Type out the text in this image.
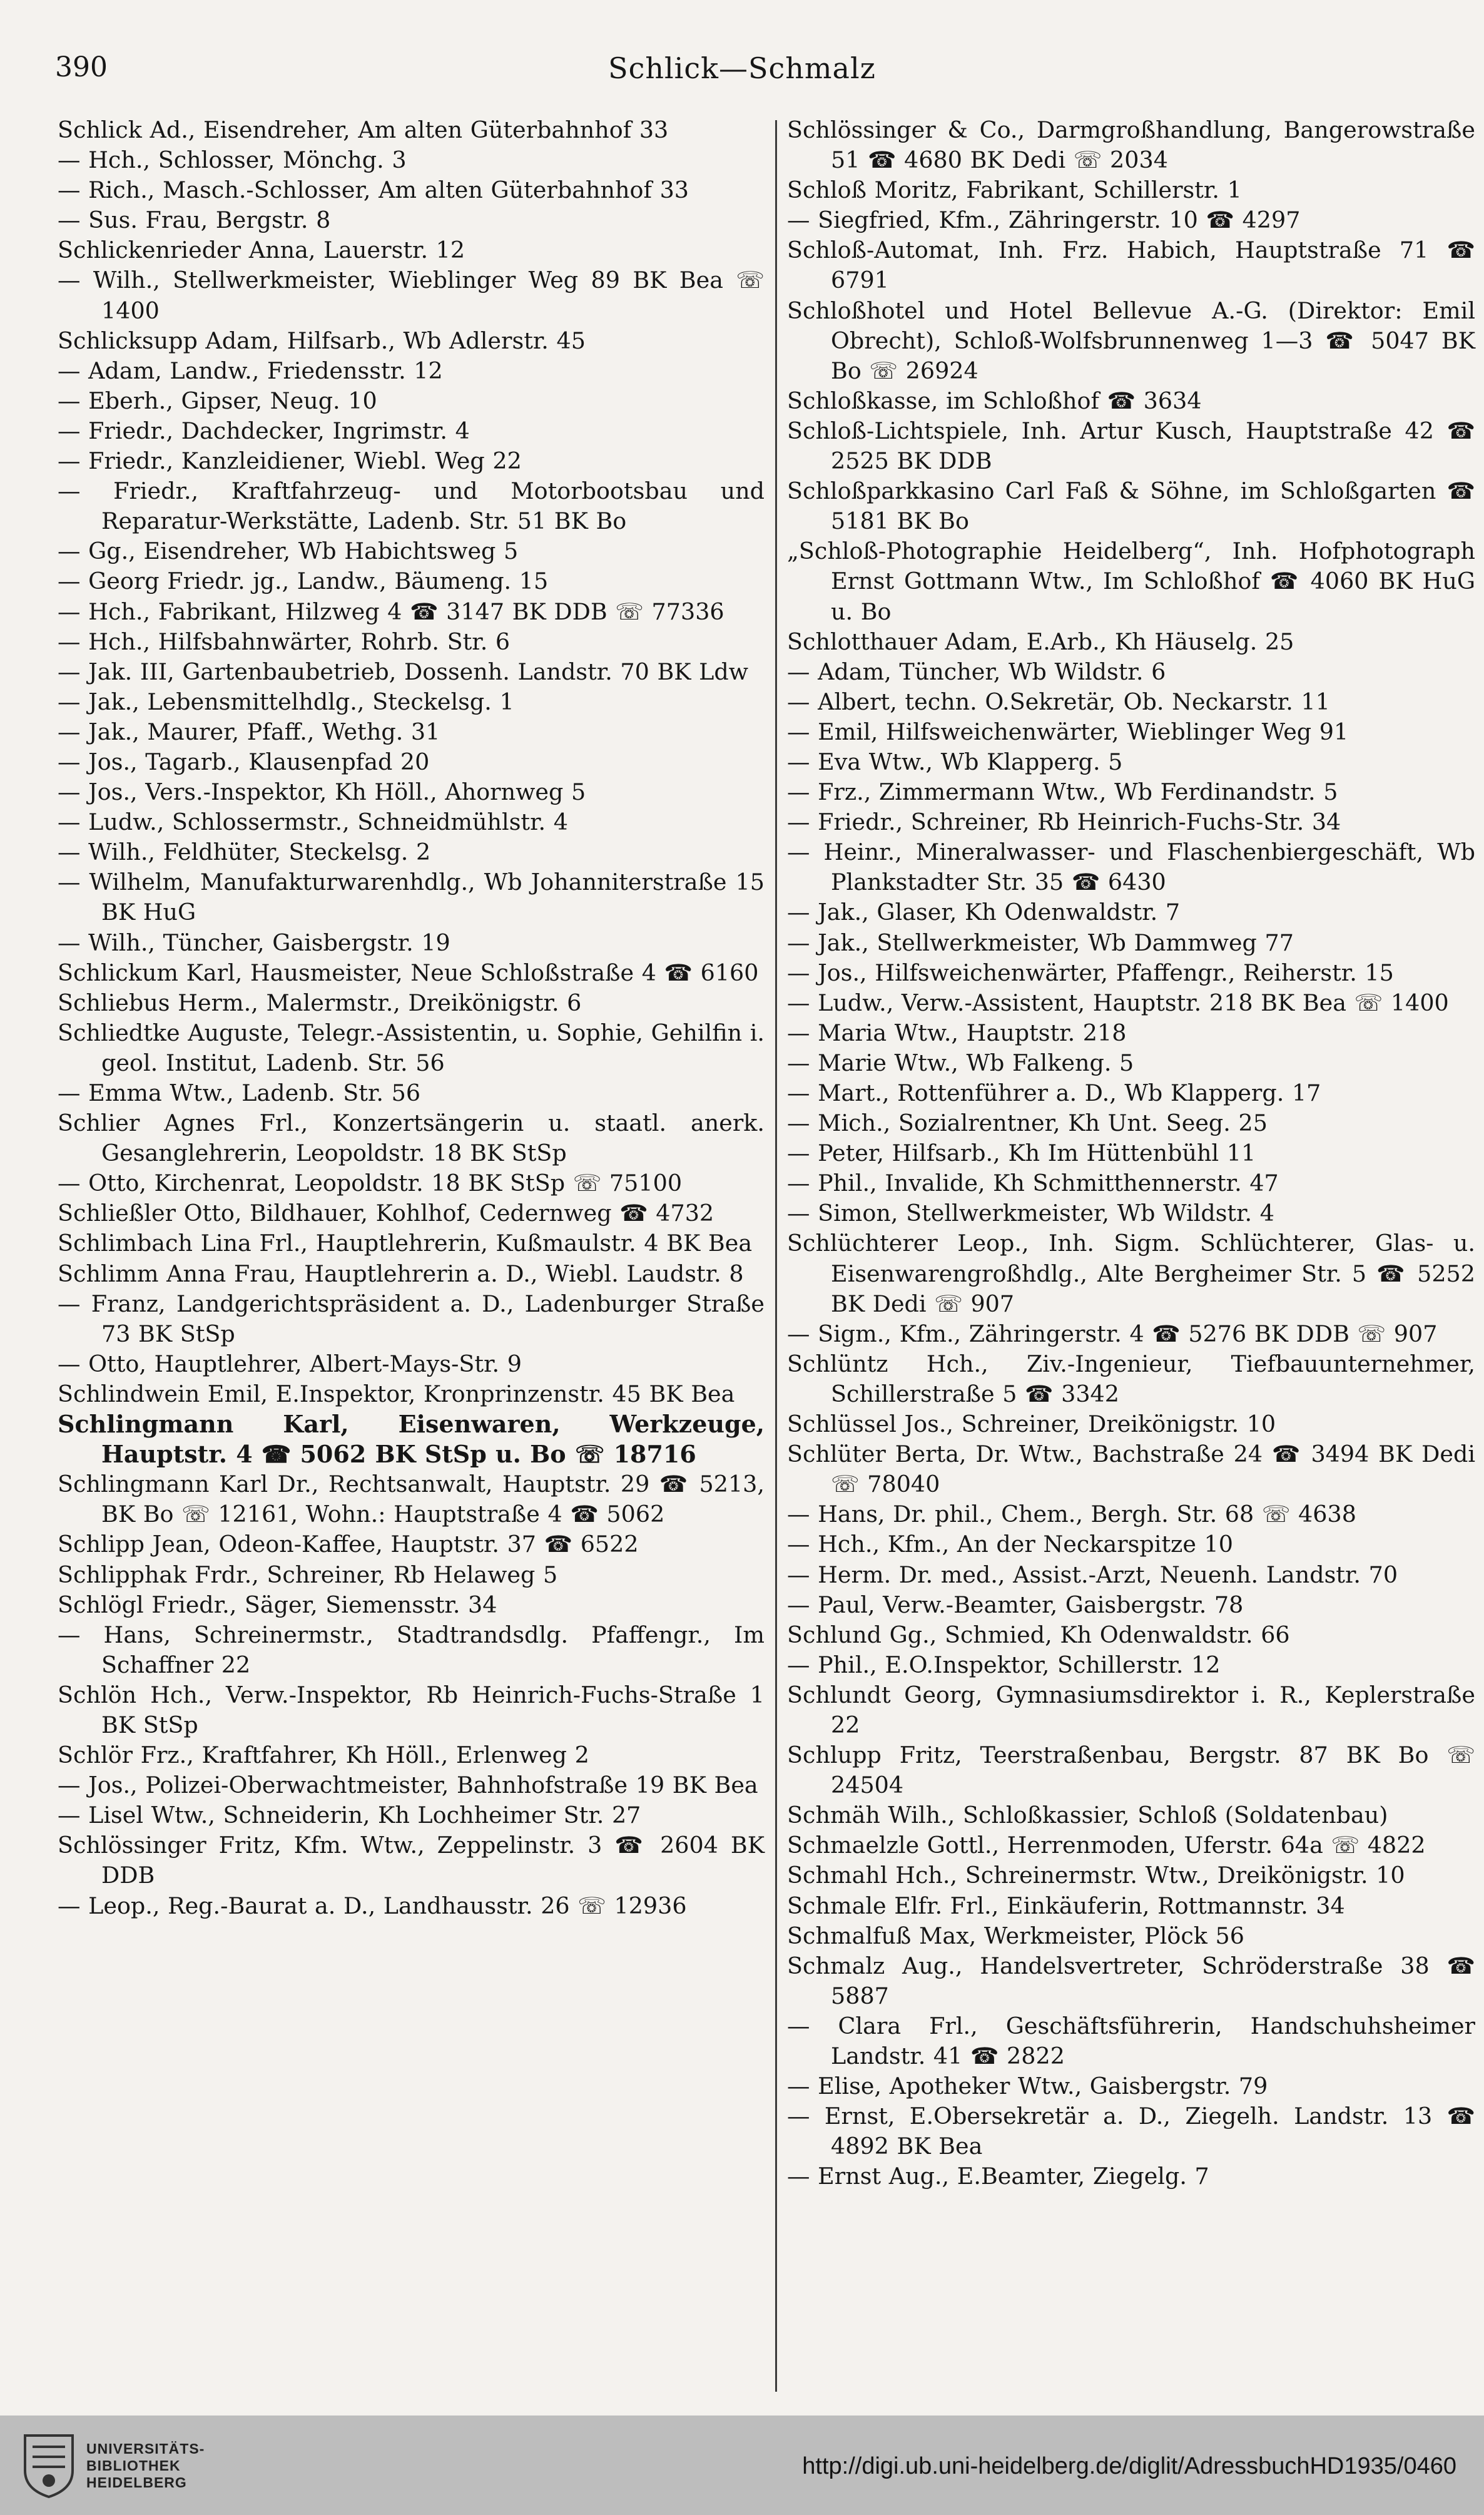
390	Schlick—Schmalz
Schlick Ad., Eisendreher, Am alten Güterbahnhof 33
— Hch., Schlosser, Mönchg. 3
— Rich., Masch.-Schlosser, Am alten Güterbahnhof 33
— Sus. Frau, Bergstr. 8
Schlickenrieder Anna, Lauerstr. 12
— Wilh., Stellwerkmeister, Wieblinger Weg 89 BK Bea ☏ 1400
Schlicksupp Adam, Hilfsarb., Wb Adlerstr. 45
— Adam, Landw., Friedensstr. 12
— Eberh., Gipser, Neug. 10
— Friedr., Dachdecker, Ingrimstr. 4
— Friedr., Kanzleidiener, Wiebl. Weg 22
— Friedr., Kraftfahrzeug- und Motorbootsbau und Reparatur-Werkstätte, Ladenb. Str. 51 BK Bo
— Gg., Eisendreher, Wb Habichtsweg 5
— Georg Friedr. jg., Landw., Bäumeng. 15
— Hch., Fabrikant, Hilzweg 4 ☎ 3147 BK DDB ☏ 77336
— Hch., Hilfsbahnwärter, Rohrb. Str. 6
— Jak. III, Gartenbaubetrieb, Dossenh. Landstr. 70 BK Ldw
— Jak., Lebensmittelhdlg., Steckelsg. 1
— Jak., Maurer, Pfaff., Wethg. 31
— Jos., Tagarb., Klausenpfad 20
— Jos., Vers.-Inspektor, Kh Höll., Ahornweg 5
— Ludw., Schlossermstr., Schneidmühlstr. 4
— Wilh., Feldhüter, Steckelsg. 2
— Wilhelm, Manufakturwarenhdlg., Wb Johanniterstraße 15 BK HuG
— Wilh., Tüncher, Gaisbergstr. 19
Schlickum Karl, Hausmeister, Neue Schloßstraße 4 ☎ 6160
Schliebus Herm., Malermstr., Dreikönigstr. 6
Schliedtke Auguste, Telegr.-Assistentin, u. Sophie, Gehilfin i. geol. Institut, Ladenb. Str. 56
— Emma Wtw., Ladenb. Str. 56
Schlier Agnes Frl., Konzertsängerin u. staatl. anerk. Gesanglehrerin, Leopoldstr. 18 BK StSp
— Otto, Kirchenrat, Leopoldstr. 18 BK StSp ☏ 75100
Schließler Otto, Bildhauer, Kohlhof, Cedernweg ☎ 4732
Schlimbach Lina Frl., Hauptlehrerin, Kußmaulstr. 4 BK Bea
Schlimm Anna Frau, Hauptlehrerin a. D., Wiebl. Laudstr. 8
— Franz, Landgerichtspräsident a. D., Ladenburger Straße 73 BK StSp
— Otto, Hauptlehrer, Albert-Mays-Str. 9
Schlindwein Emil, E.Inspektor, Kronprinzenstr. 45 BK Bea
Schlingmann Karl, Eisenwaren, Werkzeuge, Hauptstr. 4 ☎ 5062 BK StSp u. Bo ☏ 18716
Schlingmann Karl Dr., Rechtsanwalt, Hauptstr. 29 ☎ 5213, BK Bo ☏ 12161, Wohn.: Hauptstraße 4 ☎ 5062
Schlipp Jean, Odeon-Kaffee, Hauptstr. 37 ☎ 6522
Schlipphak Frdr., Schreiner, Rb Helaweg 5
Schlögl Friedr., Säger, Siemensstr. 34
— Hans, Schreinermstr., Stadtrandsdlg. Pfaffengr., Im Schaffner 22
Schlön Hch., Verw.-Inspektor, Rb Heinrich-Fuchs-Straße 1 BK StSp
Schlör Frz., Kraftfahrer, Kh Höll., Erlenweg 2
— Jos., Polizei-Oberwachtmeister, Bahnhofstraße 19 BK Bea
— Lisel Wtw., Schneiderin, Kh Lochheimer Str. 27
Schlössinger Fritz, Kfm. Wtw., Zeppelinstr. 3 ☎ 2604 BK DDB
— Leop., Reg.-Baurat a. D., Landhausstr. 26 ☏ 12936
Schlössinger & Co., Darmgroßhandlung, Bangerowstraße 51 ☎ 4680 BK Dedi ☏ 2034
Schloß Moritz, Fabrikant, Schillerstr. 1
— Siegfried, Kfm., Zähringerstr. 10 ☎ 4297
Schloß-Automat, Inh. Frz. Habich, Hauptstraße 71 ☎ 6791
Schloßhotel und Hotel Bellevue A.-G. (Direktor: Emil Obrecht), Schloß-Wolfsbrunnenweg 1—3 ☎ 5047 BK Bo ☏ 26924
Schloßkasse, im Schloßhof ☎ 3634
Schloß-Lichtspiele, Inh. Artur Kusch, Hauptstraße 42 ☎ 2525 BK DDB
Schloßparkkasino Carl Faß & Söhne, im Schloßgarten ☎ 5181 BK Bo
„Schloß-Photographie Heidelberg“, Inh. Hofphotograph Ernst Gottmann Wtw., Im Schloßhof ☎ 4060 BK HuG u. Bo
Schlotthauer Adam, E.Arb., Kh Häuselg. 25
— Adam, Tüncher, Wb Wildstr. 6
— Albert, techn. O.Sekretär, Ob. Neckarstr. 11
— Emil, Hilfsweichenwärter, Wieblinger Weg 91
— Eva Wtw., Wb Klapperg. 5
— Frz., Zimmermann Wtw., Wb Ferdinandstr. 5
— Friedr., Schreiner, Rb Heinrich-Fuchs-Str. 34
— Heinr., Mineralwasser- und Flaschenbiergeschäft, Wb Plankstadter Str. 35 ☎ 6430
— Jak., Glaser, Kh Odenwaldstr. 7
— Jak., Stellwerkmeister, Wb Dammweg 77
— Jos., Hilfsweichenwärter, Pfaffengr., Reiherstr. 15
— Ludw., Verw.-Assistent, Hauptstr. 218 BK Bea ☏ 1400
— Maria Wtw., Hauptstr. 218
— Marie Wtw., Wb Falkeng. 5
— Mart., Rottenführer a. D., Wb Klapperg. 17
— Mich., Sozialrentner, Kh Unt. Seeg. 25
— Peter, Hilfsarb., Kh Im Hüttenbühl 11
— Phil., Invalide, Kh Schmitthennerstr. 47
— Simon, Stellwerkmeister, Wb Wildstr. 4
Schlüchterer Leop., Inh. Sigm. Schlüchterer, Glas- u. Eisenwarengroßhdlg., Alte Bergheimer Str. 5 ☎ 5252 BK Dedi ☏ 907
— Sigm., Kfm., Zähringerstr. 4 ☎ 5276 BK DDB ☏ 907
Schlüntz Hch., Ziv.-Ingenieur, Tiefbauunternehmer, Schillerstraße 5 ☎ 3342
Schlüssel Jos., Schreiner, Dreikönigstr. 10
Schlüter Berta, Dr. Wtw., Bachstraße 24 ☎ 3494 BK Dedi ☏ 78040
— Hans, Dr. phil., Chem., Bergh. Str. 68 ☏ 4638
— Hch., Kfm., An der Neckarspitze 10
— Herm. Dr. med., Assist.-Arzt, Neuenh. Landstr. 70
— Paul, Verw.-Beamter, Gaisbergstr. 78
Schlund Gg., Schmied, Kh Odenwaldstr. 66
— Phil., E.O.Inspektor, Schillerstr. 12
Schlundt Georg, Gymnasiumsdirektor i. R., Keplerstraße 22
Schlupp Fritz, Teerstraßenbau, Bergstr. 87 BK Bo ☏ 24504
Schmäh Wilh., Schloßkassier, Schloß (Soldatenbau)
Schmaelzle Gottl., Herrenmoden, Uferstr. 64a ☏ 4822
Schmahl Hch., Schreinermstr. Wtw., Dreikönigstr. 10
Schmale Elfr. Frl., Einkäuferin, Rottmannstr. 34
Schmalfuß Max, Werkmeister, Plöck 56
Schmalz Aug., Handelsvertreter, Schröderstraße 38 ☎ 5887
— Clara Frl., Geschäftsführerin, Handschuhsheimer Landstr. 41 ☎ 2822
— Elise, Apotheker Wtw., Gaisbergstr. 79
— Ernst, E.Obersekretär a. D., Ziegelh. Landstr. 13 ☎ 4892 BK Bea
— Ernst Aug., E.Beamter, Ziegelg. 7
UNIVERSITÄTS-
BIBLIOTHEK
HEIDELBERG
http://digi.ub.uni-heidelberg.de/diglit/AdressbuchHD1935/0460
